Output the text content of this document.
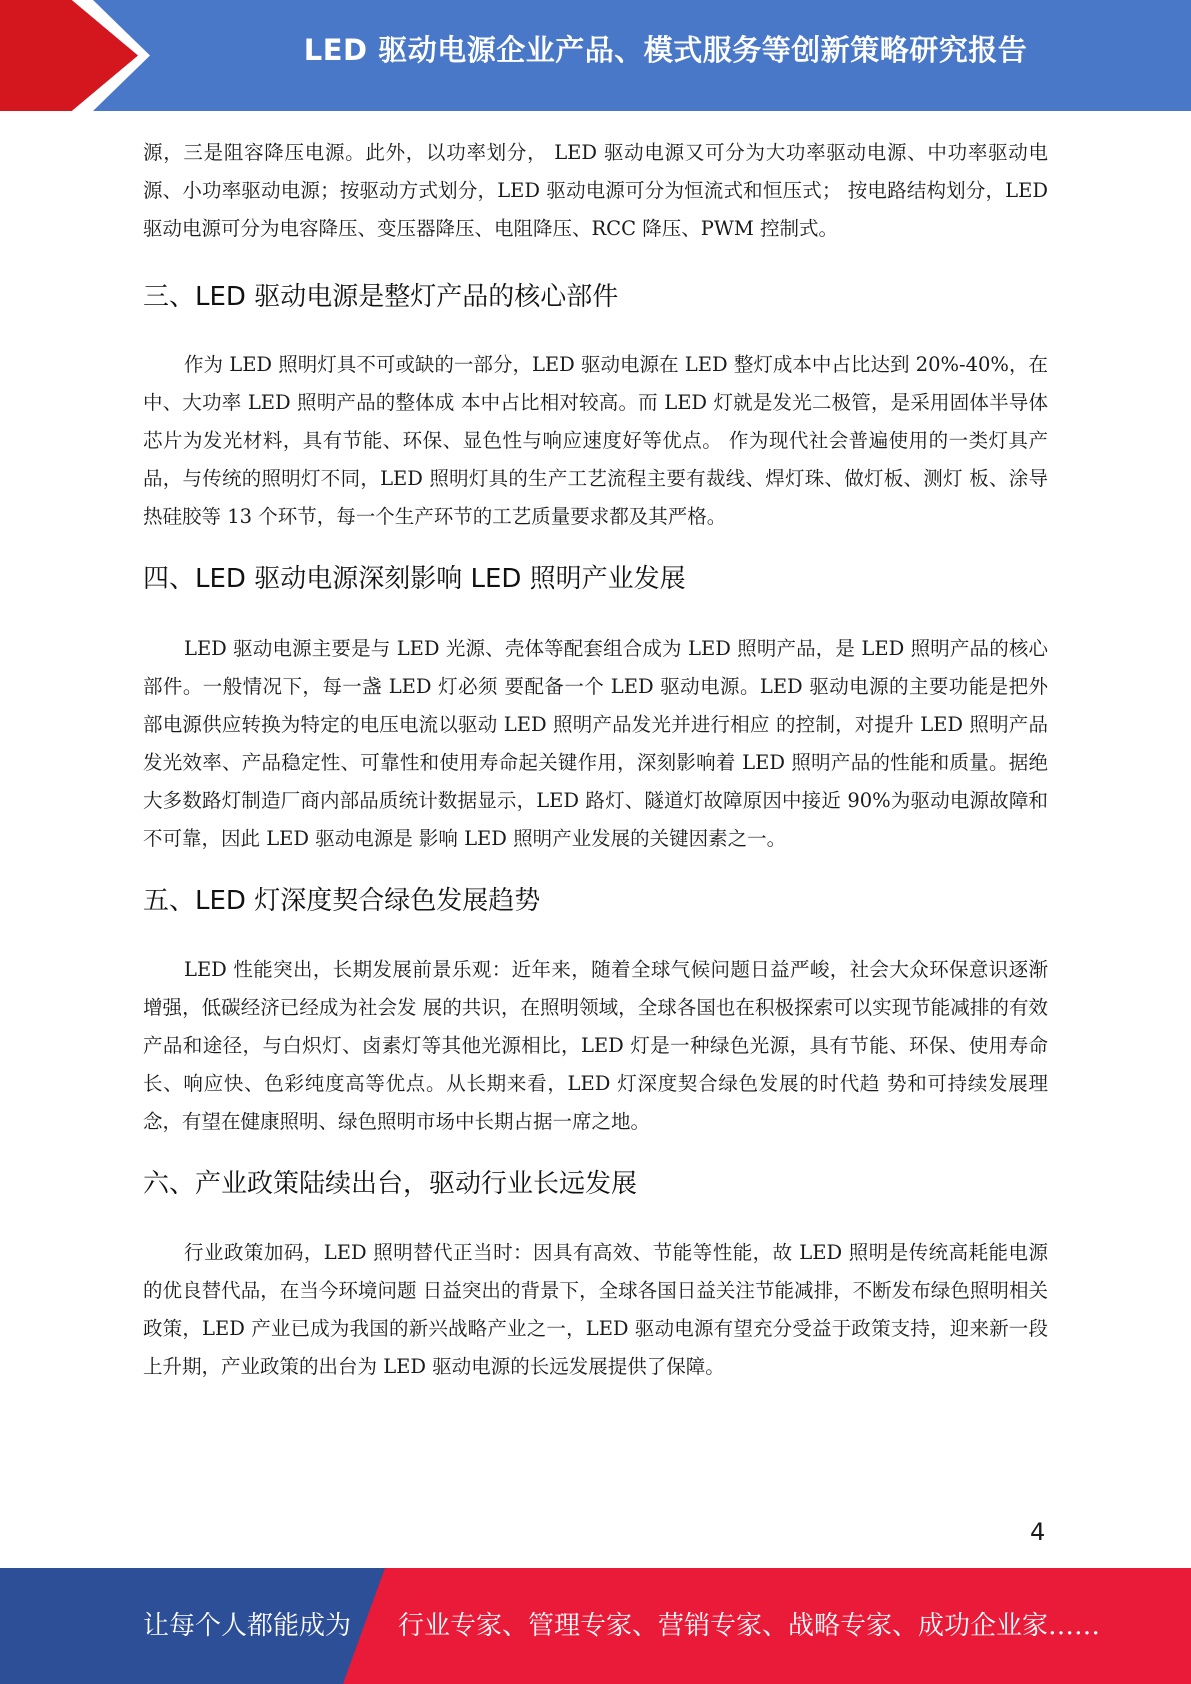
LED 驱动电源企业产品、模式服务等创新策略研究报告

源，三是阻容降压电源。此外，以功率划分， LED 驱动电源又可分为大功率驱动电源、中功率驱动电源、小功率驱动电源；按驱动方式划分，LED 驱动电源可分为恒流式和恒压式； 按电路结构划分，LED 驱动电源可分为电容降压、变压器降压、电阻降压、RCC 降压、PWM 控制式。

三、LED 驱动电源是整灯产品的核心部件

作为 LED 照明灯具不可或缺的一部分，LED 驱动电源在 LED 整灯成本中占比达到 20%-40%，在中、大功率 LED 照明产品的整体成 本中占比相对较高。而 LED 灯就是发光二极管，是采用固体半导体芯片为发光材料，具有节能、环保、显色性与响应速度好等优点。 作为现代社会普遍使用的一类灯具产品，与传统的照明灯不同，LED 照明灯具的生产工艺流程主要有裁线、焊灯珠、做灯板、测灯 板、涂导热硅胶等 13 个环节，每一个生产环节的工艺质量要求都及其严格。

四、LED 驱动电源深刻影响 LED 照明产业发展

LED 驱动电源主要是与 LED 光源、壳体等配套组合成为 LED 照明产品，是 LED 照明产品的核心部件。一般情况下，每一盏 LED 灯必须 要配备一个 LED 驱动电源。LED 驱动电源的主要功能是把外部电源供应转换为特定的电压电流以驱动 LED 照明产品发光并进行相应 的控制，对提升 LED 照明产品发光效率、产品稳定性、可靠性和使用寿命起关键作用，深刻影响着 LED 照明产品的性能和质量。据绝 大多数路灯制造厂商内部品质统计数据显示，LED 路灯、隧道灯故障原因中接近 90%为驱动电源故障和不可靠，因此 LED 驱动电源是 影响 LED 照明产业发展的关键因素之一。

五、LED 灯深度契合绿色发展趋势

LED 性能突出，长期发展前景乐观：近年来，随着全球气候问题日益严峻，社会大众环保意识逐渐增强，低碳经济已经成为社会发 展的共识，在照明领域，全球各国也在积极探索可以实现节能减排的有效产品和途径，与白炽灯、卤素灯等其他光源相比，LED 灯是一种绿色光源，具有节能、环保、使用寿命长、响应快、色彩纯度高等优点。从长期来看，LED 灯深度契合绿色发展的时代趋 势和可持续发展理念，有望在健康照明、绿色照明市场中长期占据一席之地。

六、产业政策陆续出台，驱动行业长远发展

行业政策加码，LED 照明替代正当时：因具有高效、节能等性能，故 LED 照明是传统高耗能电源的优良替代品，在当今环境问题 日益突出的背景下，全球各国日益关注节能减排，不断发布绿色照明相关政策，LED 产业已成为我国的新兴战略产业之一，LED 驱动电源有望充分受益于政策支持，迎来新一段上升期，产业政策的出台为 LED 驱动电源的长远发展提供了保障。

4
让每个人都能成为 行业专家、管理专家、营销专家、战略专家、成功企业家……
